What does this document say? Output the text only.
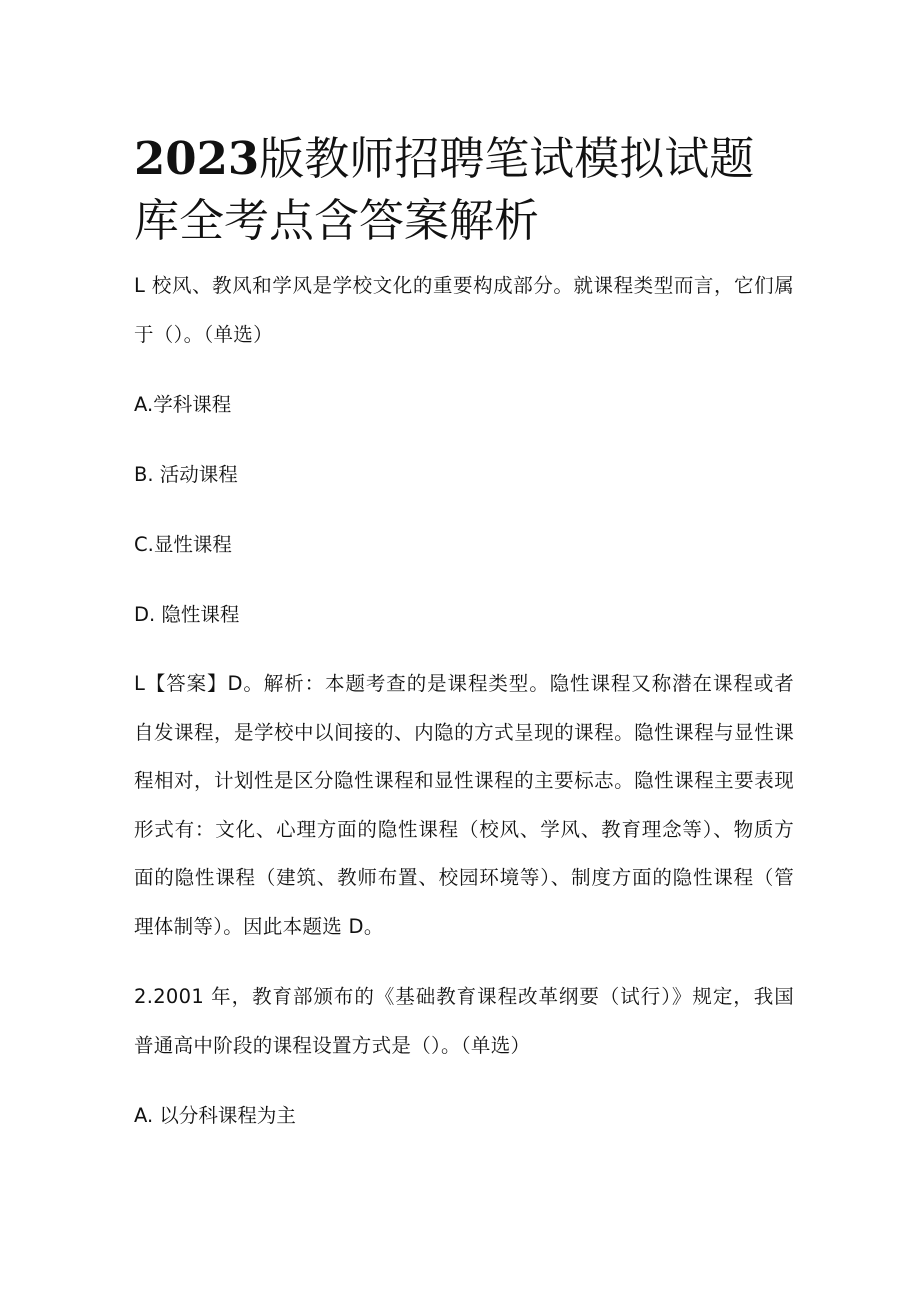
2023版教师招聘笔试模拟试题库全考点含答案解析
L 校风、教风和学风是学校文化的重要构成部分。就课程类型而言，它们属于（）。（单选）
A.学科课程
B. 活动课程
C.显性课程
D. 隐性课程
L【答案】D。解析：本题考查的是课程类型。隐性课程又称潜在课程或者自发课程，是学校中以间接的、内隐的方式呈现的课程。隐性课程与显性课程相对，计划性是区分隐性课程和显性课程的主要标志。隐性课程主要表现形式有：文化、心理方面的隐性课程（校风、学风、教育理念等）、物质方面的隐性课程（建筑、教师布置、校园环境等）、制度方面的隐性课程（管理体制等）。因此本题选 D。
2.2001 年，教育部颁布的《基础教育课程改革纲要（试行）》规定，我国普通高中阶段的课程设置方式是（）。（单选）
A. 以分科课程为主
